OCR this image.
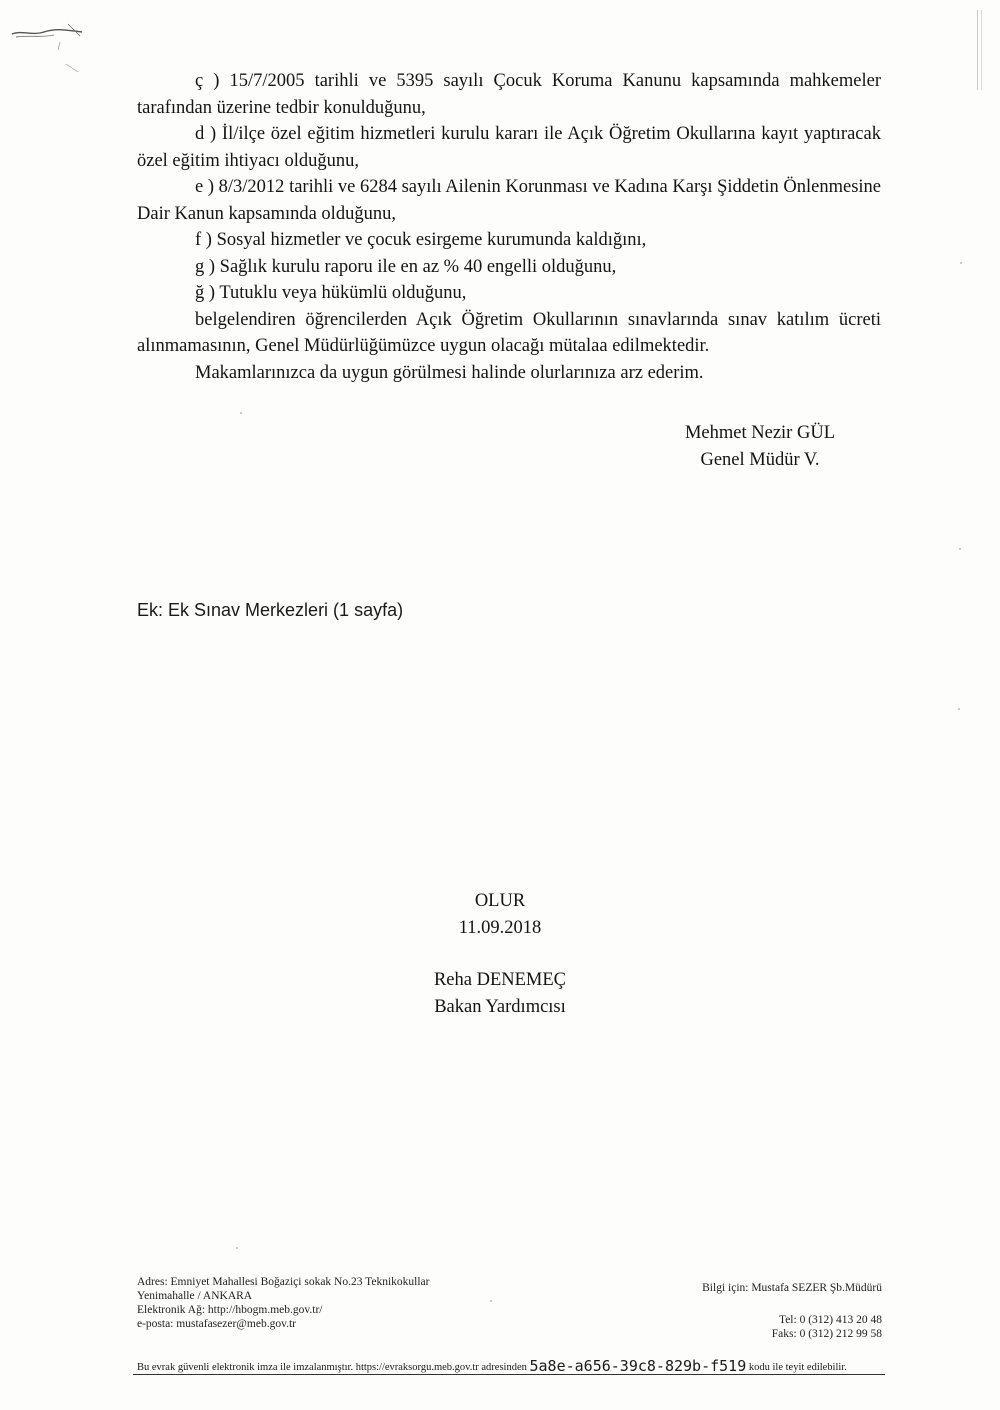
ç ) 15/7/2005 tarihli ve 5395 sayılı Çocuk Koruma Kanunu kapsamında mahkemeler tarafından üzerine tedbir konulduğunu,
d ) İl/ilçe özel eğitim hizmetleri kurulu kararı ile Açık Öğretim Okullarına kayıt yaptıracak özel eğitim ihtiyacı olduğunu,
e ) 8/3/2012 tarihli ve 6284 sayılı Ailenin Korunması ve Kadına Karşı Şiddetin Önlenmesine Dair Kanun kapsamında olduğunu,
f ) Sosyal hizmetler ve çocuk esirgeme kurumunda kaldığını,
g ) Sağlık kurulu raporu ile en az % 40 engelli olduğunu,
ğ ) Tutuklu veya hükümlü olduğunu,
belgelendiren öğrencilerden Açık Öğretim Okullarının sınavlarında sınav katılım ücreti alınmamasının, Genel Müdürlüğümüzce uygun olacağı mütalaa edilmektedir.
Makamlarınızca da uygun görülmesi halinde olurlarınıza arz ederim.
Mehmet Nezir GÜL
Genel Müdür V.
Ek: Ek Sınav Merkezleri (1 sayfa)
OLUR
11.09.2018
Reha DENEMEÇ
Bakan Yardımcısı
Adres: Emniyet Mahallesi Boğaziçi sokak No.23 Teknikokullar
Yenimahalle / ANKARA
Elektronik Ağ: http://hbogm.meb.gov.tr/
e-posta: mustafasezer@meb.gov.tr
Bilgi için: Mustafa SEZER Şb.Müdürü
Tel: 0 (312) 413 20 48
Faks: 0 (312) 212 99 58
Bu evrak güvenli elektronik imza ile imzalanmıştır. https://evraksorgu.meb.gov.tr adresinden 5a8e-a656-39c8-829b-f519 kodu ile teyit edilebilir.
